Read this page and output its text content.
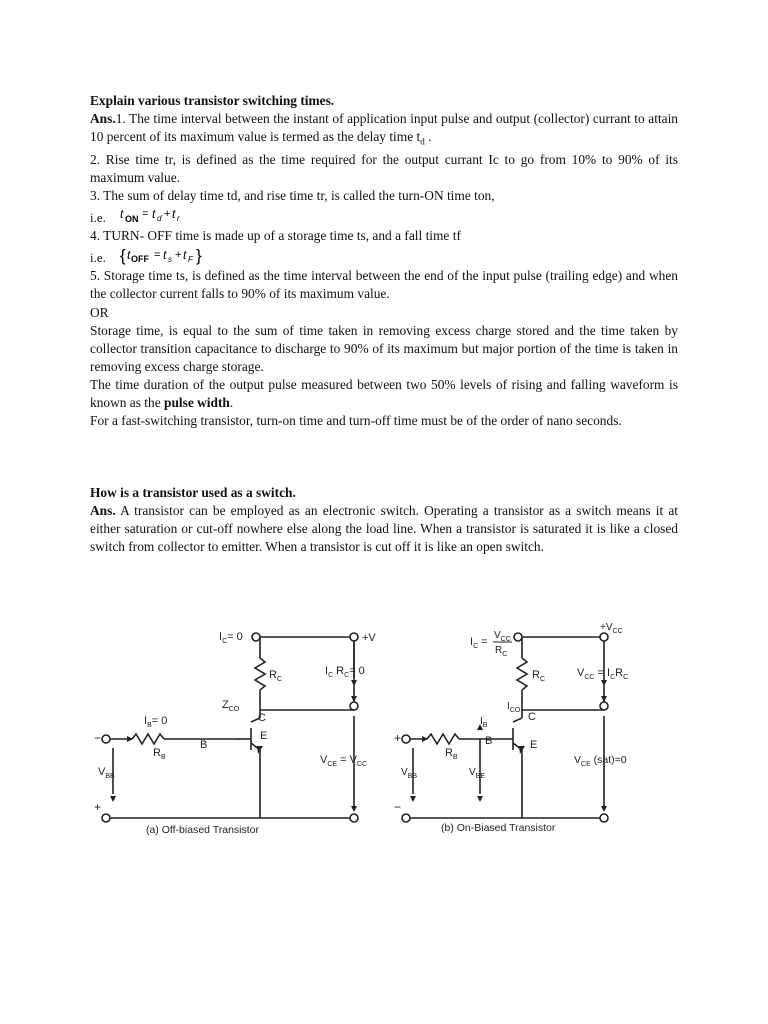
Explain various transistor switching times.

Ans.1. The time interval between the instant of application input pulse and output (collector) currant to attain 10 percent of its maximum value is termed as the delay time $t_d$ .

2. Rise time tr, is defined as the time required for the output currant Ic to go from 10% to 90% of its maximum value.

3. The sum of delay time td, and rise time tr, is called the turn-ON time ton,

i.e. t ON = t d + t r

4. TURN- OFF time is made up of a storage time ts, and a fall time tf

i.e. { t OFF = t s + t F }

5. Storage time ts, is defined as the time interval between the end of the input pulse (trailing edge) and when the collector current falls to 90% of its maximum value.

OR

Storage time, is equal to the sum of time taken in removing excess charge stored and the time taken by collector transition capacitance to discharge to 90% of its maximum but major portion of the time is taken in removing excess charge storage.

The time duration of the output pulse measured between two 50% levels of rising and falling waveform is known as the pulse width.

For a fast-switching transistor, turn-on time and turn-off time must be of the order of nano seconds.

How is a transistor used as a switch.

Ans. A transistor can be employed as an electronic switch. Operating a transistor as a switch means it at either saturation or cut-off nowhere else along the load line. When a transistor is saturated it is like a closed switch from collector to emitter. When a transistor is cut off it is like an open switch.

$I_C= 0$	+V
$R_C$
$I_C$ $R_C= 0$
$Z_{CO}$
C
$I_B= 0$
$R_B$
B
E
$V_{CE} = V_{CC}$
$V_{BB}$
−
+
(a) Off-biased Transistor
$I_C$ =
$V_{CC}$
$R_C$
$+V_{CC}$
$R_C$
$V_{CC} = I_CR_C$
$I_{CO}$
C
$I_B$
$R_B$
B	E
$V_{CE}$ (sat)=0
$V_{BB}$	$V_{BE}$
+
−
(b) On-Biased Transistor
